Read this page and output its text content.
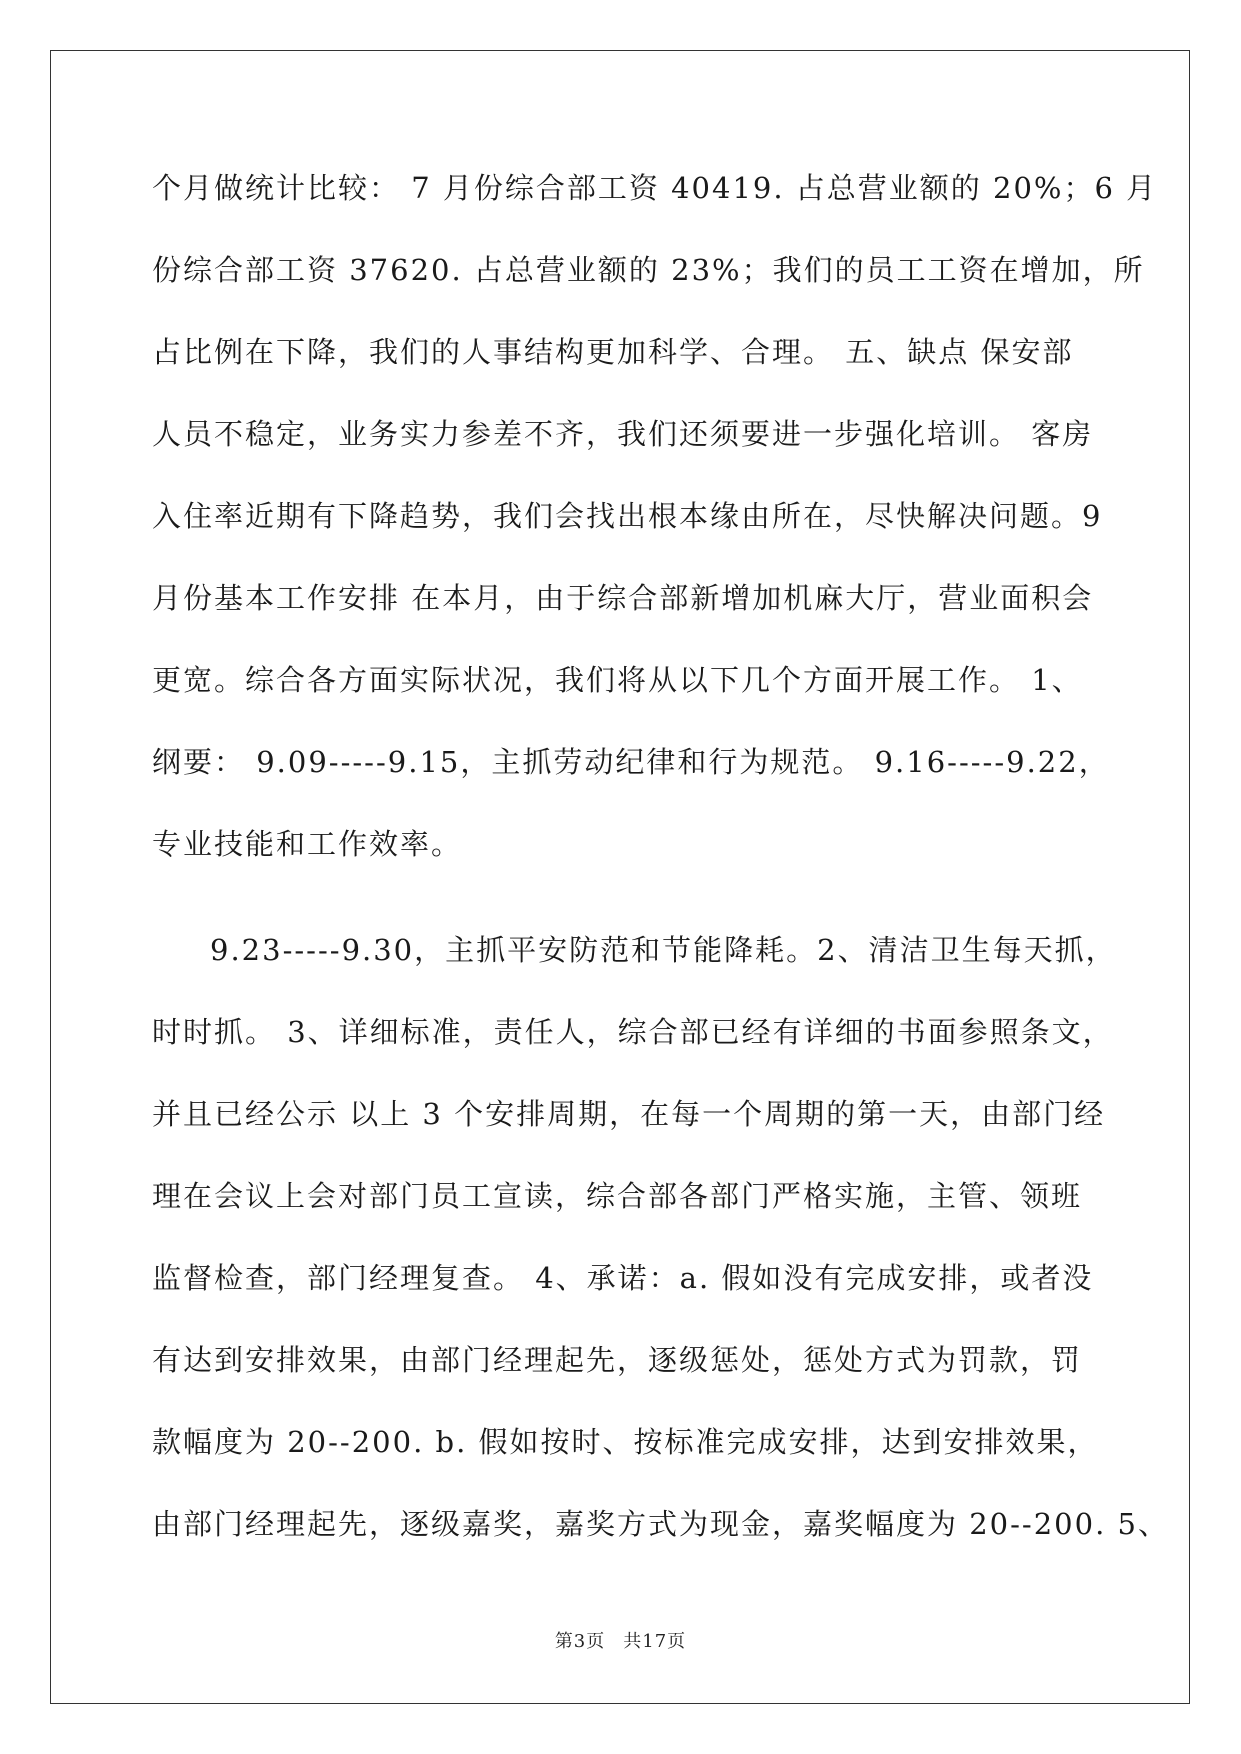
个月做统计比较： 7 月份综合部工资 40419. 占总营业额的 20%；6 月
份综合部工资 37620. 占总营业额的 23%；我们的员工工资在增加，所
占比例在下降，我们的人事结构更加科学、合理。 五、缺点 保安部
人员不稳定，业务实力参差不齐，我们还须要进一步强化培训。 客房
入住率近期有下降趋势，我们会找出根本缘由所在，尽快解决问题。9
月份基本工作安排 在本月，由于综合部新增加机麻大厅，营业面积会
更宽。综合各方面实际状况，我们将从以下几个方面开展工作。 1、
纲要： 9.09-----9.15，主抓劳动纪律和行为规范。 9.16-----9.22，
专业技能和工作效率。
9.23-----9.30，主抓平安防范和节能降耗。2、清洁卫生每天抓，
时时抓。 3、详细标准，责任人，综合部已经有详细的书面参照条文，
并且已经公示 以上 3 个安排周期，在每一个周期的第一天，由部门经
理在会议上会对部门员工宣读，综合部各部门严格实施，主管、领班
监督检查，部门经理复查。 4、承诺：a. 假如没有完成安排，或者没
有达到安排效果，由部门经理起先，逐级惩处，惩处方式为罚款，罚
款幅度为 20--200. b. 假如按时、按标准完成安排，达到安排效果，
由部门经理起先，逐级嘉奖，嘉奖方式为现金，嘉奖幅度为 20--200. 5、
第3页 共17页
